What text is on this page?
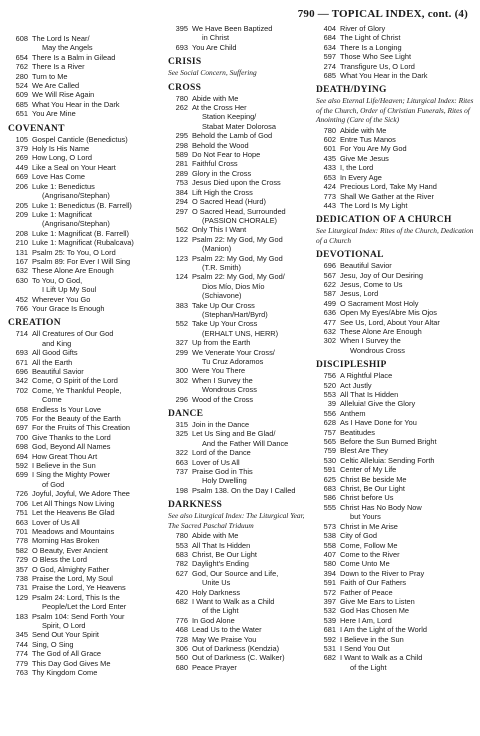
790 — TOPICAL INDEX, cont. (4)
608 The Lord Is Near/
May the Angels
654 There Is a Balm in Gilead
762 There Is a River
280 Turn to Me
524 We Are Called
609 We Will Rise Again
685 What You Hear in the Dark
651 You Are Mine
COVENANT
105 Gospel Canticle (Benedictus)
379 Holy Is His Name
269 How Long, O Lord
449 Like a Seal on Your Heart
669 Love Has Come
206 Luke 1: Benedictus
(Angrisano/Stephan)
205 Luke 1: Benedictus (B. Farrell)
209 Luke 1: Magnificat
(Angrisano/Stephan)
208 Luke 1: Magnificat (B. Farrell)
210 Luke 1: Magnificat (Rubalcava)
131 Psalm 25: To You, O Lord
167 Psalm 89: For Ever I Will Sing
632 These Alone Are Enough
630 To You, O God,
I Lift Up My Soul
452 Wherever You Go
766 Your Grace Is Enough
CREATION
714 All Creatures of Our God
and King
693 All Good Gifts
671 All the Earth
696 Beautiful Savior
342 Come, O Spirit of the Lord
702 Come, Ye Thankful People,
Come
658 Endless Is Your Love
705 For the Beauty of the Earth
697 For the Fruits of This Creation
700 Give Thanks to the Lord
698 God, Beyond All Names
694 How Great Thou Art
592 I Believe in the Sun
699 I Sing the Mighty Power
of God
726 Joyful, Joyful, We Adore Thee
706 Let All Things Now Living
751 Let the Heavens Be Glad
663 Lover of Us All
701 Meadows and Mountains
778 Morning Has Broken
582 O Beauty, Ever Ancient
729 O Bless the Lord
357 O God, Almighty Father
738 Praise the Lord, My Soul
731 Praise the Lord, Ye Heavens
129 Psalm 24: Lord, This Is the
People/Let the Lord Enter
183 Psalm 104: Send Forth Your
Spirit, O Lord
345 Send Out Your Spirit
744 Sing, O Sing
774 The God of All Grace
779 This Day God Gives Me
763 Thy Kingdom Come
395 We Have Been Baptized
in Christ
693 You Are Child
CRISIS
See Social Concern, Suffering
CROSS
780 Abide with Me
262 At the Cross Her
Station Keeping/
Stabat Mater Dolorosa
295 Behold the Lamb of God
298 Behold the Wood
589 Do Not Fear to Hope
281 Faithful Cross
289 Glory in the Cross
753 Jesus Died upon the Cross
384 Lift High the Cross
294 O Sacred Head (Hurd)
297 O Sacred Head, Surrounded
(PASSION CHORALE)
562 Only This I Want
122 Psalm 22: My God, My God
(Manion)
123 Psalm 22: My God, My God
(T.R. Smith)
124 Psalm 22: My God, My God/
Dios Mío, Dios Mío
(Schiavone)
383 Take Up Our Cross
(Stephan/Hart/Byrd)
552 Take Up Your Cross
(ERHALT UNS, HERR)
327 Up from the Earth
299 We Venerate Your Cross/
Tu Cruz Adoramos
300 Were You There
302 When I Survey the
Wondrous Cross
296 Wood of the Cross
DANCE
315 Join in the Dance
325 Let Us Sing and Be Glad/
And the Father Will Dance
322 Lord of the Dance
663 Lover of Us All
737 Praise God in This
Holy Dwelling
198 Psalm 138. On the Day I Called
DARKNESS
See also Liturgical Index: The Liturgical Year, The Sacred Paschal Triduum
780 Abide with Me
553 All That Is Hidden
683 Christ, Be Our Light
782 Daylight's Ending
627 God, Our Source and Life,
Unite Us
420 Holy Darkness
682 I Want to Walk as a Child
of the Light
776 In God Alone
468 Lead Us to the Water
728 May We Praise You
306 Out of Darkness (Kendzia)
560 Out of Darkness (C. Walker)
680 Peace Prayer
404 River of Glory
684 The Light of Christ
634 There Is a Longing
597 Those Who See Light
274 Transfigure Us, O Lord
685 What You Hear in the Dark
DEATH/DYING
See also Eternal Life/Heaven; Liturgical Index: Rites of the Church, Order of Christian Funerals, Rites of Anointing (Care of the Sick)
780 Abide with Me
602 Entre Tus Manos
601 For You Are My God
435 Give Me Jesus
433 I, the Lord
653 In Every Age
424 Precious Lord, Take My Hand
773 Shall We Gather at the River
443 The Lord Is My Light
DEDICATION OF A CHURCH
See Liturgical Index: Rites of the Church, Dedication of a Church
DEVOTIONAL
696 Beautiful Savior
567 Jesu, Joy of Our Desiring
622 Jesus, Come to Us
587 Jesus, Lord
499 O Sacrament Most Holy
636 Open My Eyes/Abre Mis Ojos
477 See Us, Lord, About Your Altar
632 These Alone Are Enough
302 When I Survey the
Wondrous Cross
DISCIPLESHIP
756 A Rightful Place
520 Act Justly
553 All That Is Hidden
39 Alleluia! Give the Glory
556 Anthem
628 As I Have Done for You
757 Beatitudes
565 Before the Sun Burned Bright
759 Blest Are They
530 Celtic Alleluia: Sending Forth
591 Center of My Life
625 Christ Be beside Me
683 Christ, Be Our Light
586 Christ before Us
555 Christ Has No Body Now
but Yours
573 Christ in Me Arise
538 City of God
558 Come, Follow Me
407 Come to the River
580 Come Unto Me
394 Down to the River to Pray
591 Faith of Our Fathers
572 Father of Peace
397 Give Me Ears to Listen
532 God Has Chosen Me
539 Here I Am, Lord
681 I Am the Light of the World
592 I Believe in the Sun
531 I Send You Out
682 I Want to Walk as a Child
of the Light
